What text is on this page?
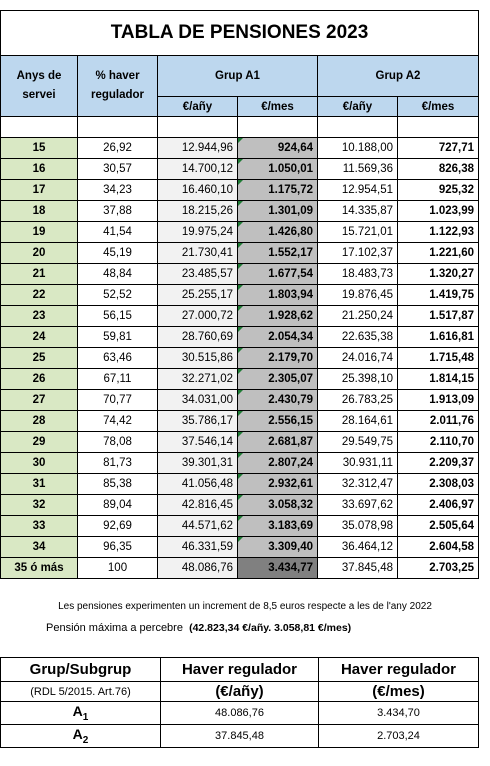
TABLA DE PENSIONES 2023					
Anys de servei	% haver regulador	Grup A1		Grup A2	
		€/añy	€/mes	€/añy	€/mes

15	26,92	12.944,96	924,64	10.188,00	727,71
16	30,57	14.700,12	1.050,01	11.569,36	826,38
17	34,23	16.460,10	1.175,72	12.954,51	925,32
18	37,88	18.215,26	1.301,09	14.335,87	1.023,99
19	41,54	19.975,24	1.426,80	15.721,01	1.122,93
20	45,19	21.730,41	1.552,17	17.102,37	1.221,60
21	48,84	23.485,57	1.677,54	18.483,73	1.320,27
22	52,52	25.255,17	1.803,94	19.876,45	1.419,75
23	56,15	27.000,72	1.928,62	21.250,24	1.517,87
24	59,81	28.760,69	2.054,34	22.635,38	1.616,81
25	63,46	30.515,86	2.179,70	24.016,74	1.715,48
26	67,11	32.271,02	2.305,07	25.398,10	1.814,15
27	70,77	34.031,00	2.430,79	26.783,25	1.913,09
28	74,42	35.786,17	2.556,15	28.164,61	2.011,76
29	78,08	37.546,14	2.681,87	29.549,75	2.110,70
30	81,73	39.301,31	2.807,24	30.931,11	2.209,37
31	85,38	41.056,48	2.932,61	32.312,47	2.308,03
32	89,04	42.816,45	3.058,32	33.697,62	2.406,97
33	92,69	44.571,62	3.183,69	35.078,98	2.505,64
34	96,35	46.331,59	3.309,40	36.464,12	2.604,58
35 ó más	100	48.086,76	3.434,77	37.845,48	2.703,25
Les pensiones experimenten un increment de 8,5 euros respecte a les de l'any 2022
Pensión máxima a percebre (42.823,34 €/añy. 3.058,81 €/mes)
Grup/Subgrup	Haver regulador	Haver regulador
(RDL 5/2015. Art.76)	(€/añy)	(€/mes)
$A_1$	48.086,76	3.434,70
$A_2$	37.845,48	2.703,24
